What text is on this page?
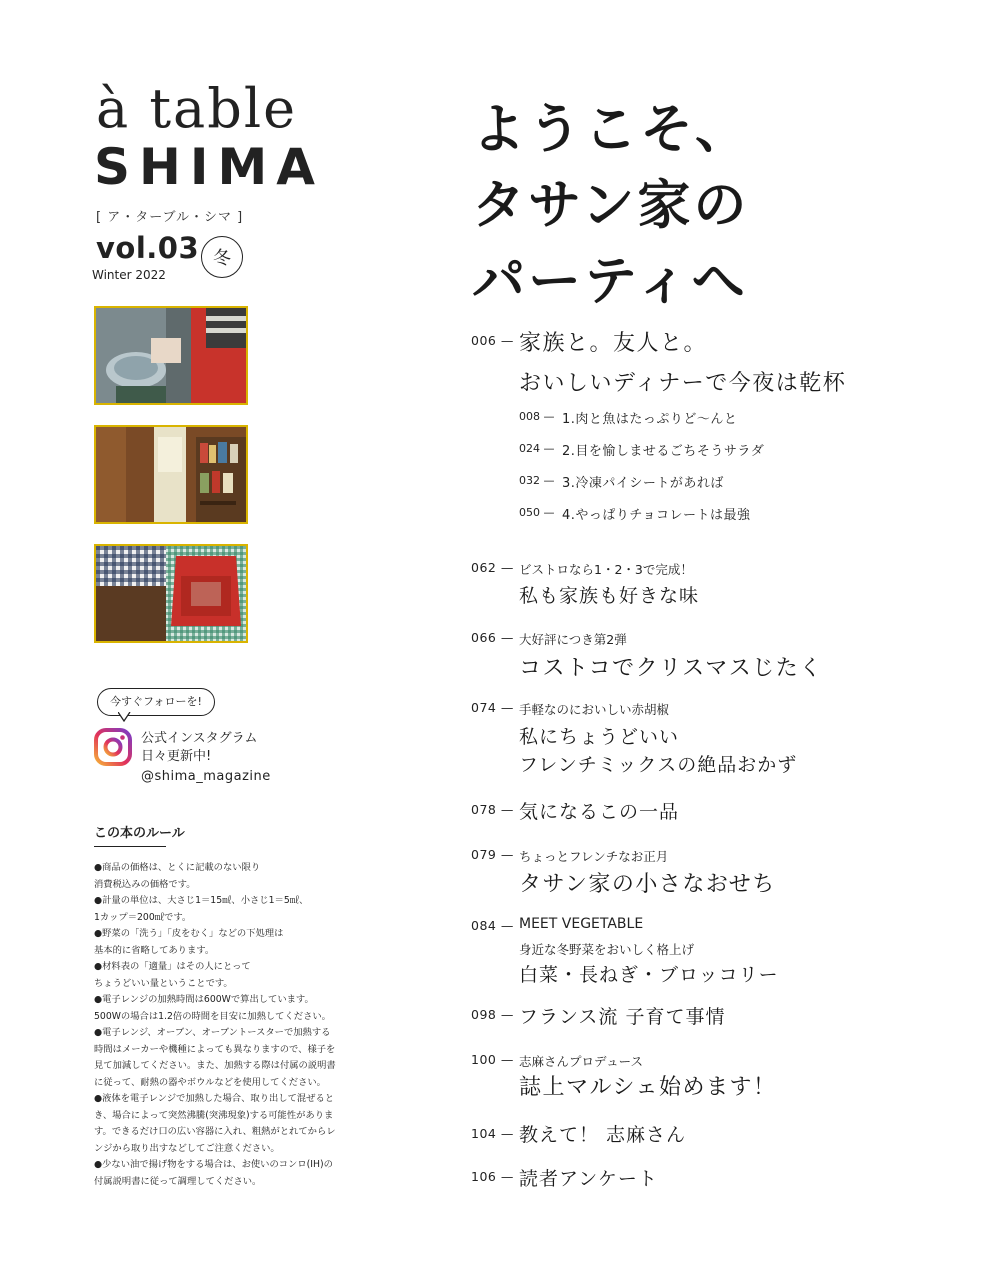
à table
SHIMA
[ ア・ターブル・シマ ]
vol.03
Winter 2022
冬
今すぐフォローを!
公式インスタグラム
日々更新中!
@shima_magazine
この本のルール
●商品の価格は、とくに記載のない限り
消費税込みの価格です。
●計量の単位は、大さじ1＝15㎖、小さじ1＝5㎖、
1カップ＝200㎖です。
●野菜の「洗う」「皮をむく」などの下処理は
基本的に省略してあります。
●材料表の「適量」はその人にとって
ちょうどいい量ということです。
●電子レンジの加熱時間は600Wで算出しています。
500Wの場合は1.2倍の時間を目安に加熱してください。
●電子レンジ、オーブン、オーブントースターで加熱する
時間はメーカーや機種によっても異なりますので、様子を
見て加減してください。また、加熱する際は付属の説明書
に従って、耐熱の器やボウルなどを使用してください。
●液体を電子レンジで加熱した場合、取り出して混ぜると
き、場合によって突然沸騰(突沸現象)する可能性がありま
す。できるだけ口の広い容器に入れ、粗熱がとれてからレ
ンジから取り出すなどしてご注意ください。
●少ない油で揚げ物をする場合は、お使いのコンロ(IH)の
付属説明書に従って調理してください。
ようこそ、
タサン家の
パーティへ
006 — 家族と。友人と。
おいしいディナーで今夜は乾杯
008 — 1.肉と魚はたっぷりど〜んと
024 — 2.目を愉しませるごちそうサラダ
032 — 3.冷凍パイシートがあれば
050 — 4.やっぱりチョコレートは最強
062 — ビストロなら1・2・3で完成！
私も家族も好きな味
066 — 大好評につき第2弾
コストコでクリスマスじたく
074 — 手軽なのにおいしい赤胡椒
私にちょうどいい
フレンチミックスの絶品おかず
078 — 気になるこの一品
079 — ちょっとフレンチなお正月
タサン家の小さなおせち
084 — MEET VEGETABLE
身近な冬野菜をおいしく格上げ
白菜・長ねぎ・ブロッコリー
098 — フランス流 子育て事情
100 — 志麻さんプロデュース
誌上マルシェ始めます！
104 — 教えて！ 志麻さん
106 — 読者アンケート
